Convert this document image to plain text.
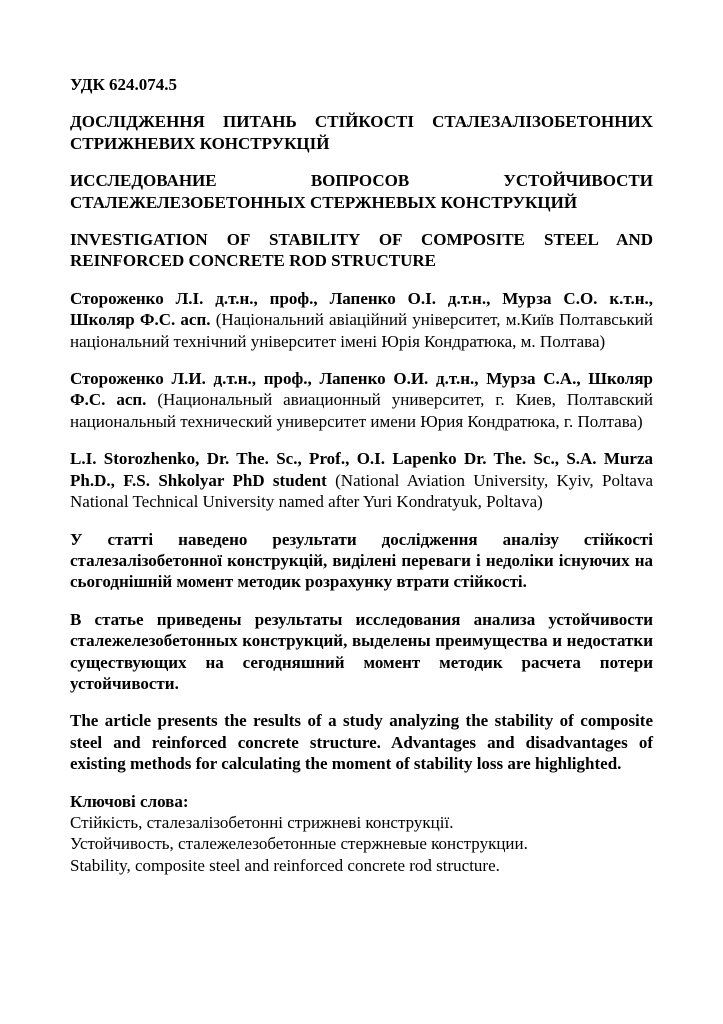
УДК 624.074.5

ДОСЛІДЖЕННЯ ПИТАНЬ СТІЙКОСТІ СТАЛЕЗАЛІЗОБЕТОННИХ СТРИЖНЕВИХ КОНСТРУКЦІЙ

ИССЛЕДОВАНИЕ ВОПРОСОВ УСТОЙЧИВОСТИ СТАЛЕЖЕЛЕЗОБЕТОННЫХ СТЕРЖНЕВЫХ КОНСТРУКЦИЙ

INVESTIGATION OF STABILITY OF COMPOSITE STEEL AND REINFORCED CONCRETE ROD STRUCTURE

Стороженко Л.І. д.т.н., проф., Лапенко О.І. д.т.н., Мурза С.О. к.т.н., Школяр Ф.С. асп. (Національний авіаційний університет, м.Київ Полтавський національний технічний університет імені Юрія Кондратюка, м. Полтава)

Стороженко Л.И. д.т.н., проф., Лапенко О.И. д.т.н., Мурза С.А., Школяр Ф.С. асп. (Национальный авиационный университет, г. Киев, Полтавский национальный технический университет имени Юрия Кондратюка, г. Полтава)

L.I. Storozhenko, Dr. The. Sc., Prof., O.I. Lapenko Dr. The. Sc., S.A. Murza Ph.D., F.S. Shkolyar PhD student (National Aviation University, Kyiv, Poltava National Technical University named after Yuri Kondratyuk, Poltava)

У статті наведено результати дослідження аналізу стійкості сталезалізобетонної конструкцій, виділені переваги і недоліки існуючих на сьогоднішній момент методик розрахунку втрати стійкості.

В статье приведены результаты исследования анализа устойчивости сталежелезобетонных конструкций, выделены преимущества и недостатки существующих на сегодняшний момент методик расчета потери устойчивости.

The article presents the results of a study analyzing the stability of composite steel and reinforced concrete structure. Advantages and disadvantages of existing methods for calculating the moment of stability loss are highlighted.

Ключові слова:

Стійкість, сталезалізобетонні стрижневі конструкції.

Устойчивость, сталежелезобетонные стержневые конструкции.

Stability, composite steel and reinforced concrete rod structure.
